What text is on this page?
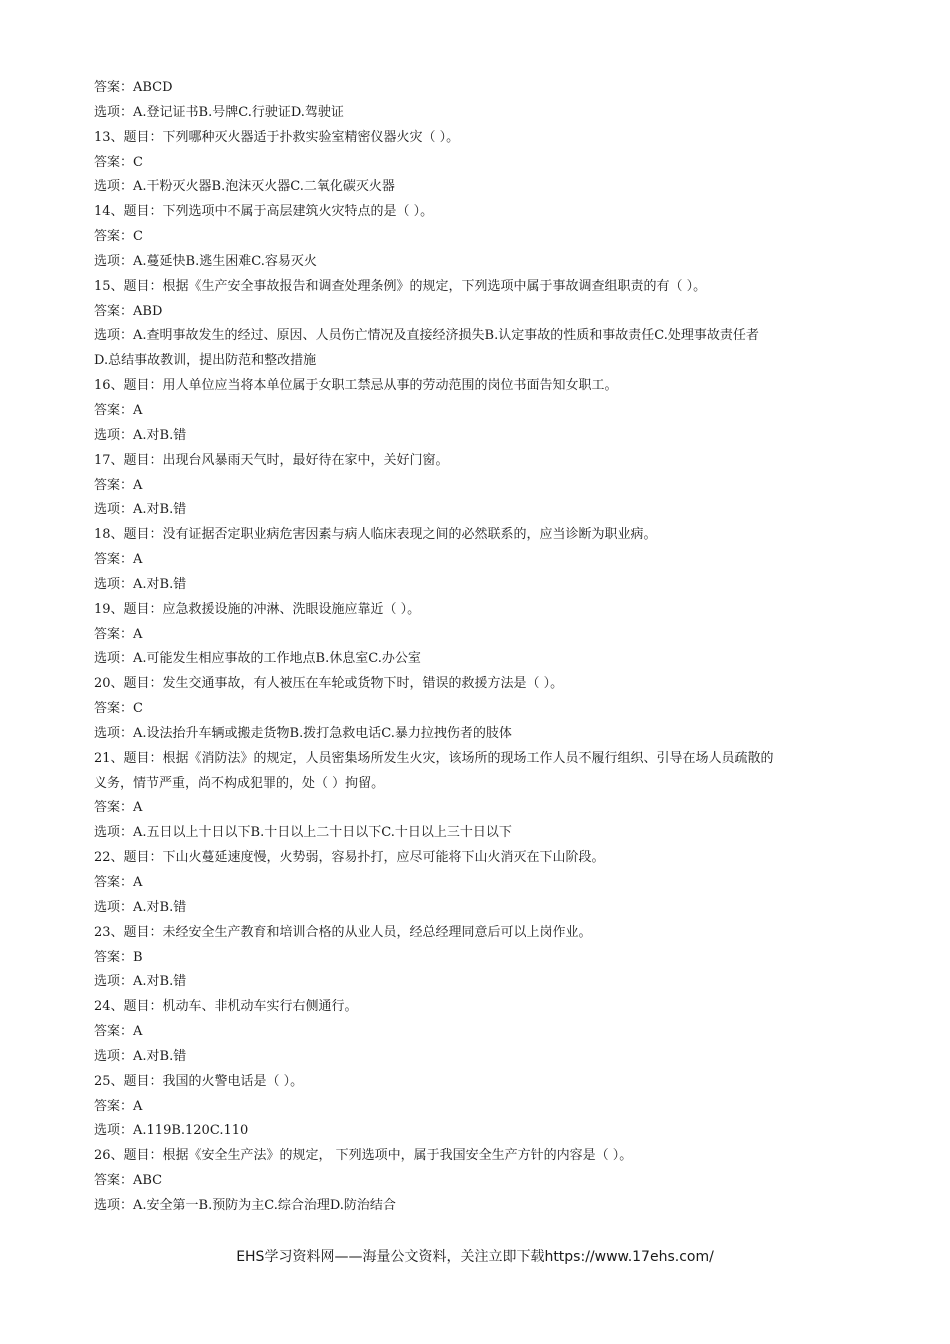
答案：ABCD
选项：A.登记证书B.号牌C.行驶证D.驾驶证
13、题目：下列哪种灭火器适于扑救实验室精密仪器火灾（ ）。
答案：C
选项：A.干粉灭火器B.泡沫灭火器C.二氧化碳灭火器
14、题目：下列选项中不属于高层建筑火灾特点的是（ ）。
答案：C
选项：A.蔓延快B.逃生困难C.容易灭火
15、题目：根据《生产安全事故报告和调查处理条例》的规定，下列选项中属于事故调查组职责的有（ ）。
答案：ABD
选项：A.查明事故发生的经过、原因、人员伤亡情况及直接经济损失B.认定事故的性质和事故责任C.处理事故责任者
D.总结事故教训，提出防范和整改措施
16、题目：用人单位应当将本单位属于女职工禁忌从事的劳动范围的岗位书面告知女职工。
答案：A
选项：A.对B.错
17、题目：出现台风暴雨天气时，最好待在家中，关好门窗。
答案：A
选项：A.对B.错
18、题目：没有证据否定职业病危害因素与病人临床表现之间的必然联系的，应当诊断为职业病。
答案：A
选项：A.对B.错
19、题目：应急救援设施的冲淋、洗眼设施应靠近（ ）。
答案：A
选项：A.可能发生相应事故的工作地点B.休息室C.办公室
20、题目：发生交通事故，有人被压在车轮或货物下时，错误的救援方法是（ ）。
答案：C
选项：A.设法抬升车辆或搬走货物B.拨打急救电话C.暴力拉拽伤者的肢体
21、题目：根据《消防法》的规定，人员密集场所发生火灾，该场所的现场工作人员不履行组织、引导在场人员疏散的
义务，情节严重，尚不构成犯罪的，处（ ）拘留。
答案：A
选项：A.五日以上十日以下B.十日以上二十日以下C.十日以上三十日以下
22、题目：下山火蔓延速度慢，火势弱，容易扑打，应尽可能将下山火消灭在下山阶段。
答案：A
选项：A.对B.错
23、题目：未经安全生产教育和培训合格的从业人员，经总经理同意后可以上岗作业。
答案：B
选项：A.对B.错
24、题目：机动车、非机动车实行右侧通行。
答案：A
选项：A.对B.错
25、题目：我国的火警电话是（ ）。
答案：A
选项：A.119B.120C.110
26、题目：根据《安全生产法》的规定， 下列选项中，属于我国安全生产方针的内容是（ ）。
答案：ABC
选项：A.安全第一B.预防为主C.综合治理D.防治结合
EHS学习资料网——海量公文资料，关注立即下载https://www.17ehs.com/
